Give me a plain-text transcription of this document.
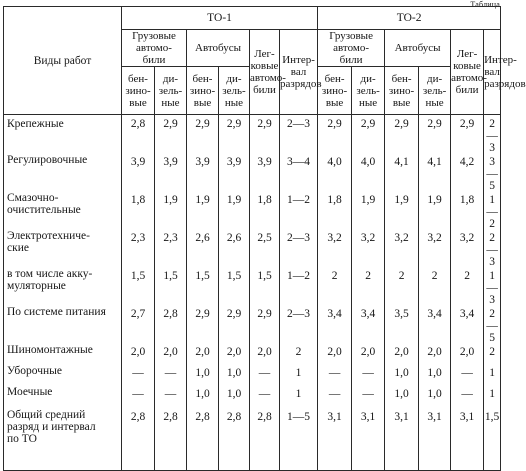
Таблица
Виды работ	ТО-1						ТО-2					
	Грузовые
автомо-
били		Автобусы		Лег-
ковые
автомо-
били	Интер-
вал
разрядов	Грузовые
автомо-
били		Автобусы		Лег-
ковые
автомо-
били	Интер-
вал
разрядов
	бен-
зино-
вые	ди-
зель-
ные	бен-
зино-
вые	ди-
зель-
ные			бен-
зино-
вые	ди-
зель-
ные	бен-
зино-
вые	ди-
зель-
ные		
Крепежные	2,8	2,9	2,9	2,9	2,9	2—3	2,9	2,9	2,9	2,9	2,9	2—3
Регулировочные	3,9	3,9	3,9	3,9	3,9	3—4	4,0	4,0	4,1	4,1	4,2	3—5
Смазочно-
очистительные	1,8	1,9	1,9	1,9	1,8	1—2	1,8	1,9	1,9	1,9	1,8	1—2
Электротехниче-
ские	2,3	2,3	2,6	2,6	2,5	2—3	3,2	3,2	3,2	3,2	3,2	2—3
в том числе акку-
муляторные	1,5	1,5	1,5	1,5	1,5	1—2	2	2	2	2	2	1—3
По системе питания	2,7	2,8	2,9	2,9	2,9	2—3	3,4	3,4	3,5	3,4	3,4	2—5
Шиномонтажные	2,0	2,0	2,0	2,0	2,0	2	2,0	2,0	2,0	2,0	2,0	2
Уборочные	—	—	1,0	1,0	—	1	—	—	1,0	1,0	—	1
Моечные	—	—	1,0	1,0	—	1	—	—	1,0	1,0	—	1
Общий средний
разряд и интервал
по ТО	2,8	2,8	2,8	2,8	2,8	1—5	3,1	3,1	3,1	3,1	3,1	1,5
